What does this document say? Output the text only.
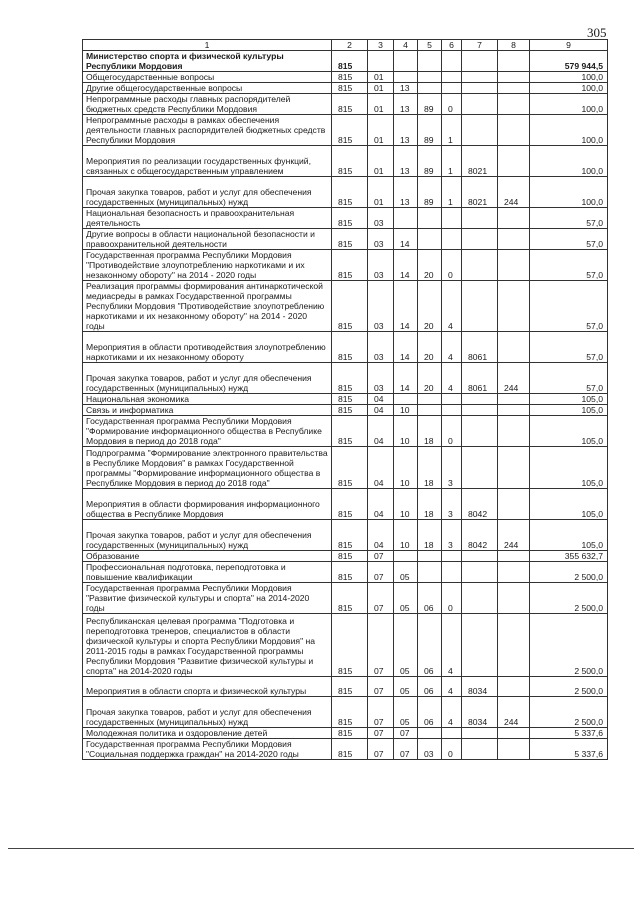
305
1	2	3	4	5	6	7	8	9
Министерство спорта и физической культуры Республики Мордовия	815							579 944,5
Общегосударственные вопросы	815	01						100,0
Другие общегосударственные вопросы	815	01	13					100,0
Непрограммные расходы главных распорядителей бюджетных средств Республики Мордовия	815	01	13	89	0			100,0
Непрограммные расходы в рамках обеспечения деятельности главных распорядителей бюджетных средств Республики Мордовия	815	01	13	89	1			100,0
Мероприятия по реализации государственных функций, связанных с общегосударственным управлением	815	01	13	89	1	8021		100,0
Прочая закупка товаров, работ и услуг для обеспечения государственных (муниципальных) нужд	815	01	13	89	1	8021	244	100,0
Национальная безопасность и правоохранительная деятельность	815	03						57,0
Другие вопросы в области национальной безопасности и правоохранительной деятельности	815	03	14					57,0
Государственная программа Республики Мордовия "Противодействие злоупотреблению наркотиками и их незаконному обороту" на 2014 - 2020 годы	815	03	14	20	0			57,0
Реализация программы формирования антинаркотической медиасреды в рамках Государственной программы Республики Мордовия "Противодействие злоупотреблению наркотиками и их незаконному обороту" на 2014 - 2020 годы	815	03	14	20	4			57,0
Мероприятия в области противодействия злоупотреблению наркотиками и их незаконному обороту	815	03	14	20	4	8061		57,0
Прочая закупка товаров, работ и услуг для обеспечения государственных (муниципальных) нужд	815	03	14	20	4	8061	244	57,0
Национальная экономика	815	04						105,0
Связь и информатика	815	04	10					105,0
Государственная программа Республики Мордовия "Формирование информационного общества в Республике Мордовия в период до 2018 года"	815	04	10	18	0			105,0
Подпрограмма "Формирование электронного правительства в Республике Мордовия" в рамках Государственной программы "Формирование информационного общества в Республике Мордовия в период до 2018 года"	815	04	10	18	3			105,0
Мероприятия в области формирования информационного общества в Республике Мордовия	815	04	10	18	3	8042		105,0
Прочая закупка товаров, работ и услуг для обеспечения государственных (муниципальных) нужд	815	04	10	18	3	8042	244	105,0
Образование	815	07						355 632,7
Профессиональная подготовка, переподготовка и повышение квалификации	815	07	05					2 500,0
Государственная программа Республики Мордовия "Развитие физической культуры и спорта" на 2014-2020 годы	815	07	05	06	0			2 500,0
Республиканская целевая программа "Подготовка и переподготовка тренеров, специалистов в области физической культуры и спорта Республики Мордовия" на 2011-2015 годы в рамках Государственной программы Республики Мордовия "Развитие физической культуры и спорта" на 2014-2020 годы	815	07	05	06	4			2 500,0
Мероприятия в области спорта и физической культуры	815	07	05	06	4	8034		2 500,0
Прочая закупка товаров, работ и услуг для обеспечения государственных (муниципальных) нужд	815	07	05	06	4	8034	244	2 500,0
Молодежная политика и оздоровление детей	815	07	07					5 337,6
Государственная программа Республики Мордовия "Социальная поддержка граждан" на 2014-2020 годы	815	07	07	03	0			5 337,6
